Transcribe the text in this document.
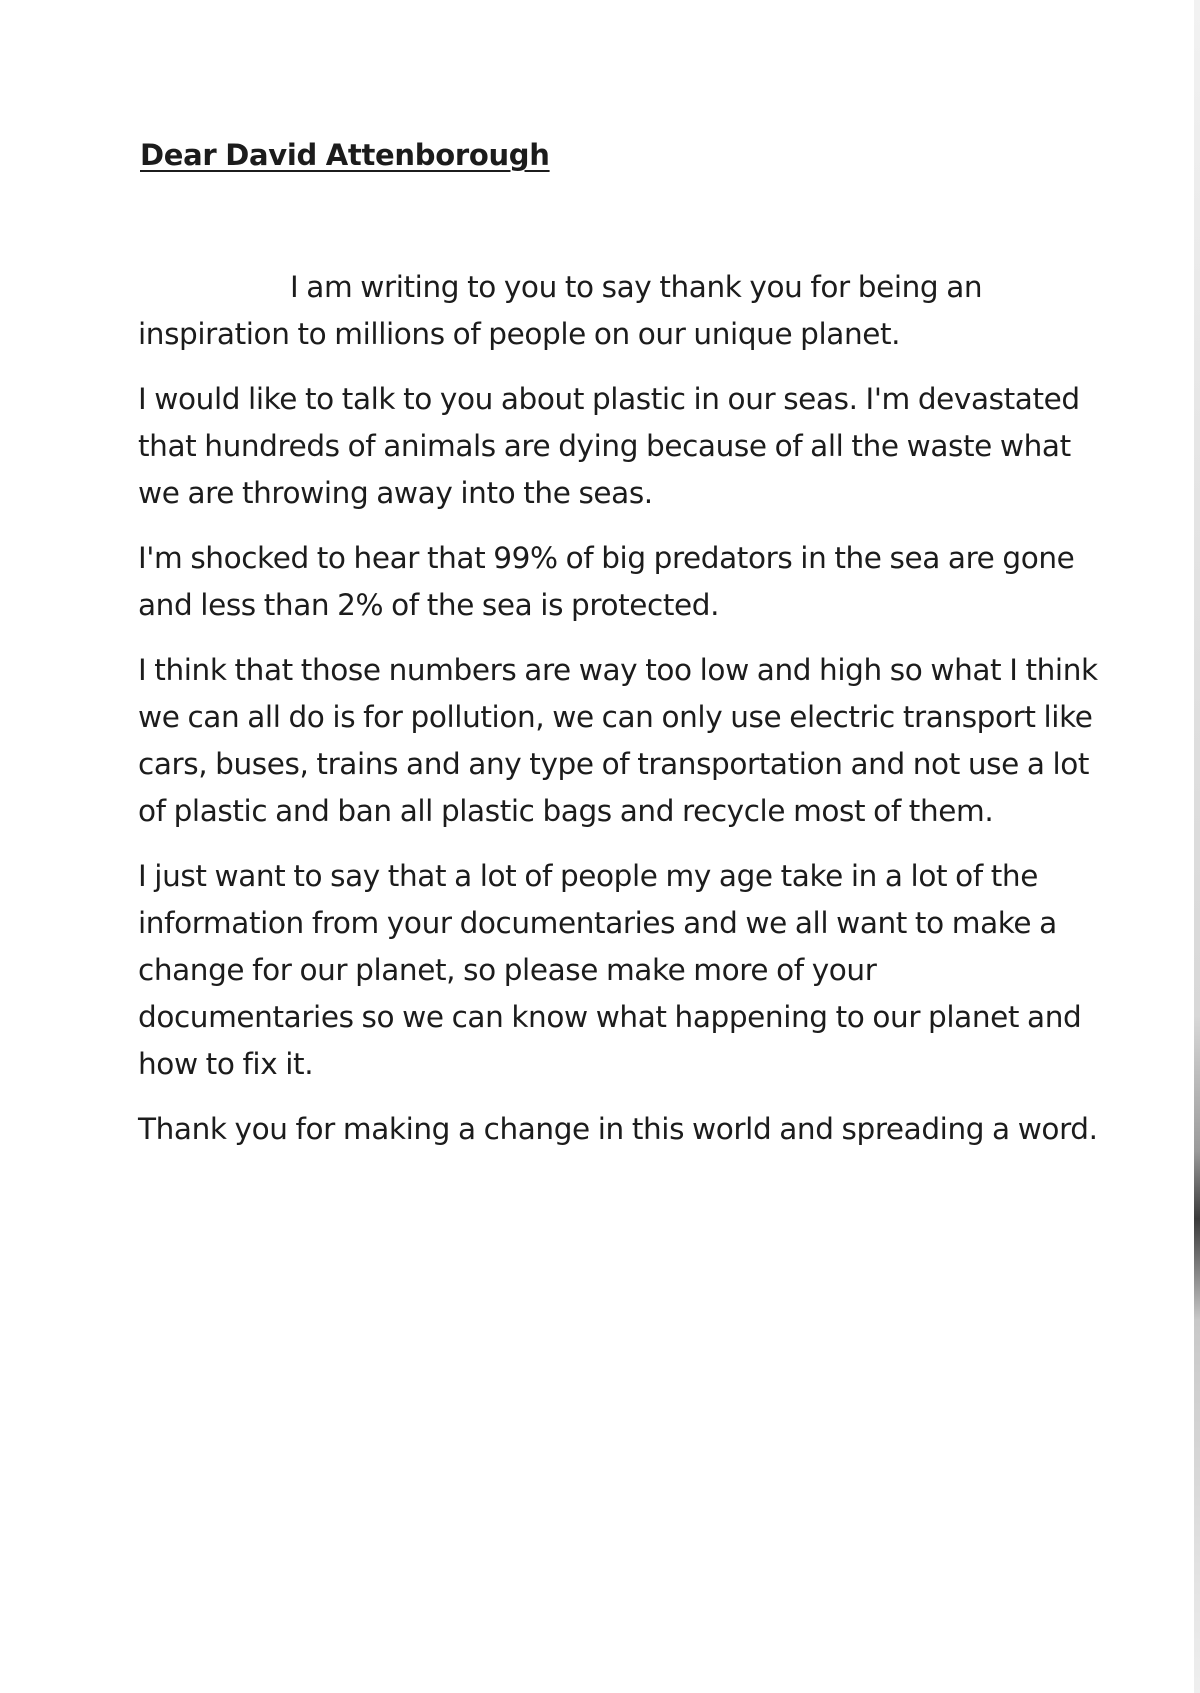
Dear David Attenborough

I am writing to you to say thank you for being an inspiration to millions of people on our unique planet.

I would like to talk to you about plastic in our seas. I'm devastated that hundreds of animals are dying because of all the waste what we are throwing away into the seas.

I'm shocked to hear that 99% of big predators in the sea are gone and less than 2% of the sea is protected.

I think that those numbers are way too low and high so what I think we can all do is for pollution, we can only use electric transport like cars, buses, trains and any type of transportation and not use a lot of plastic and ban all plastic bags and recycle most of them.

I just want to say that a lot of people my age take in a lot of the information from your documentaries and we all want to make a change for our planet, so please make more of your documentaries so we can know what happening to our planet and how to fix it.

Thank you for making a change in this world and spreading a word.
